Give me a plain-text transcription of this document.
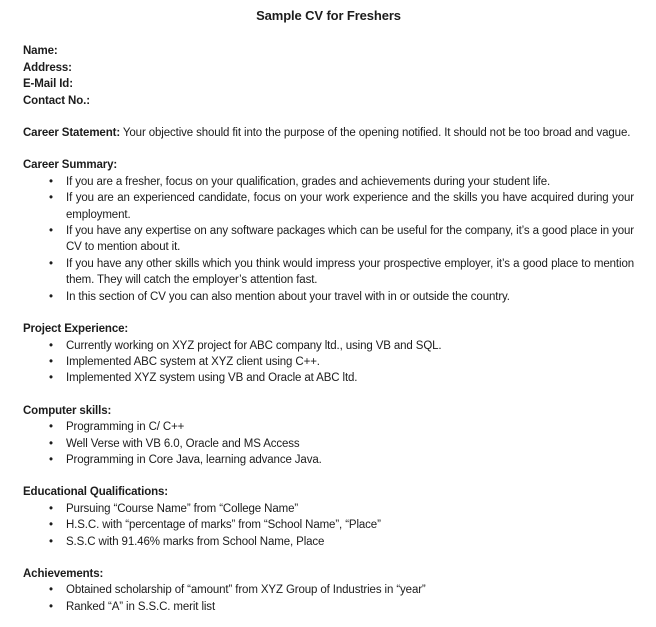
Sample CV for Freshers
Name:
Address:
E-Mail Id:
Contact No.:

Career Statement: Your objective should fit into the purpose of the opening notified. It should not be too broad and vague.

Career Summary:
• If you are a fresher, focus on your qualification, grades and achievements during your student life.
• If you are an experienced candidate, focus on your work experience and the skills you have acquired during your employment.
• If you have any expertise on any software packages which can be useful for the company, it’s a good place in your CV to mention about it.
• If you have any other skills which you think would impress your prospective employer, it’s a good place to mention them. They will catch the employer’s attention fast.
• In this section of CV you can also mention about your travel with in or outside the country.
Project Experience:
• Currently working on XYZ project for ABC company ltd., using VB and SQL.
• Implemented ABC system at XYZ client using C++.
• Implemented XYZ system using VB and Oracle at ABC ltd.
Computer skills:
• Programming in C/ C++
• Well Verse with VB 6.0, Oracle and MS Access
• Programming in Core Java, learning advance Java.
Educational Qualifications:
• Pursuing “Course Name” from “College Name”
• H.S.C. with “percentage of marks” from “School Name”, “Place”
• S.S.C with 91.46% marks from School Name, Place
Achievements:
• Obtained scholarship of “amount” from XYZ Group of Industries in “year”
• Ranked “A” in S.S.C. merit list
